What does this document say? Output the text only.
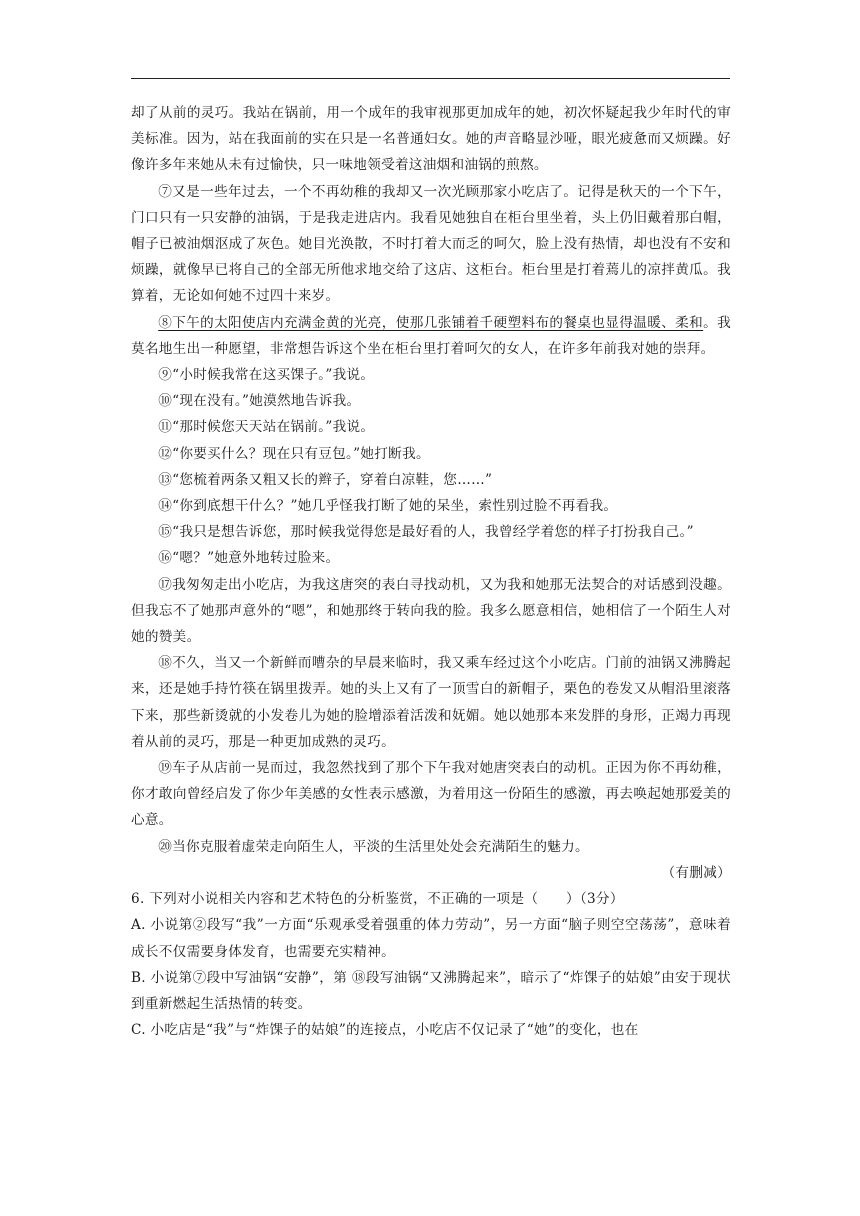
却了从前的灵巧。我站在锅前，用一个成年的我审视那更加成年的她，初次怀疑起我少年时代的审美标准。因为，站在我面前的实在只是一名普通妇女。她的声音略显沙哑，眼光疲惫而又烦躁。好像许多年来她从未有过愉快，只一味地领受着这油烟和油锅的煎熬。

⑦又是一些年过去，一个不再幼稚的我却又一次光顾那家小吃店了。记得是秋天的一个下午，门口只有一只安静的油锅，于是我走进店内。我看见她独自在柜台里坐着，头上仍旧戴着那白帽，帽子已被油烟沤成了灰色。她目光涣散，不时打着大而乏的呵欠，脸上没有热情，却也没有不安和烦躁，就像早已将自己的全部无所他求地交给了这店、这柜台。柜台里是打着蔫儿的凉拌黄瓜。我算着，无论如何她不过四十来岁。

⑧下午的太阳使店内充满金黄的光亮，使那几张铺着千硬塑料布的餐桌也显得温暖、柔和。我莫名地生出一种愿望，非常想告诉这个坐在柜台里打着呵欠的女人，在许多年前我对她的崇拜。

⑨“小时候我常在这买馃子。”我说。

⑩“现在没有。”她漠然地告诉我。

⑪“那时候您天天站在锅前。”我说。

⑫“你要买什么？现在只有豆包。”她打断我。

⑬“您梳着两条又粗又长的辫子，穿着白凉鞋，您……”

⑭“你到底想干什么？”她几乎怪我打断了她的呆坐，索性别过脸不再看我。

⑮“我只是想告诉您，那时候我觉得您是最好看的人，我曾经学着您的样子打扮我自己。”

⑯“嗯？”她意外地转过脸来。

⑰我匆匆走出小吃店，为我这唐突的表白寻找动机，又为我和她那无法契合的对话感到没趣。但我忘不了她那声意外的“嗯”，和她那终于转向我的脸。我多么愿意相信，她相信了一个陌生人对她的赞美。

⑱不久，当又一个新鲜而嘈杂的早晨来临时，我又乘车经过这个小吃店。门前的油锅又沸腾起来，还是她手持竹筷在锅里拨弄。她的头上又有了一顶雪白的新帽子，栗色的卷发又从帽沿里滚落下来，那些新烫就的小发卷儿为她的脸增添着活泼和妩媚。她以她那本来发胖的身形，正竭力再现着从前的灵巧，那是一种更加成熟的灵巧。

⑲车子从店前一晃而过，我忽然找到了那个下午我对她唐突表白的动机。正因为你不再幼稚，你才敢向曾经启发了你少年美感的女性表示感激，为着用这一份陌生的感激，再去唤起她那爱美的心意。

⑳当你克服着虚荣走向陌生人，平淡的生活里处处会充满陌生的魅力。

（有删减）

6. 下列对小说相关内容和艺术特色的分析鉴赏，不正确的一项是（　　）（3分）

A. 小说第②段写“我”一方面“乐观承受着强重的体力劳动”，另一方面“脑子则空空荡荡”，意味着成长不仅需要身体发育，也需要充实精神。

B. 小说第⑦段中写油锅“安静”，第 ⑱段写油锅“又沸腾起来”，暗示了“炸馃子的姑娘”由安于现状到重新燃起生活热情的转变。

C. 小吃店是“我”与“炸馃子的姑娘”的连接点，小吃店不仅记录了“她”的变化，也在
